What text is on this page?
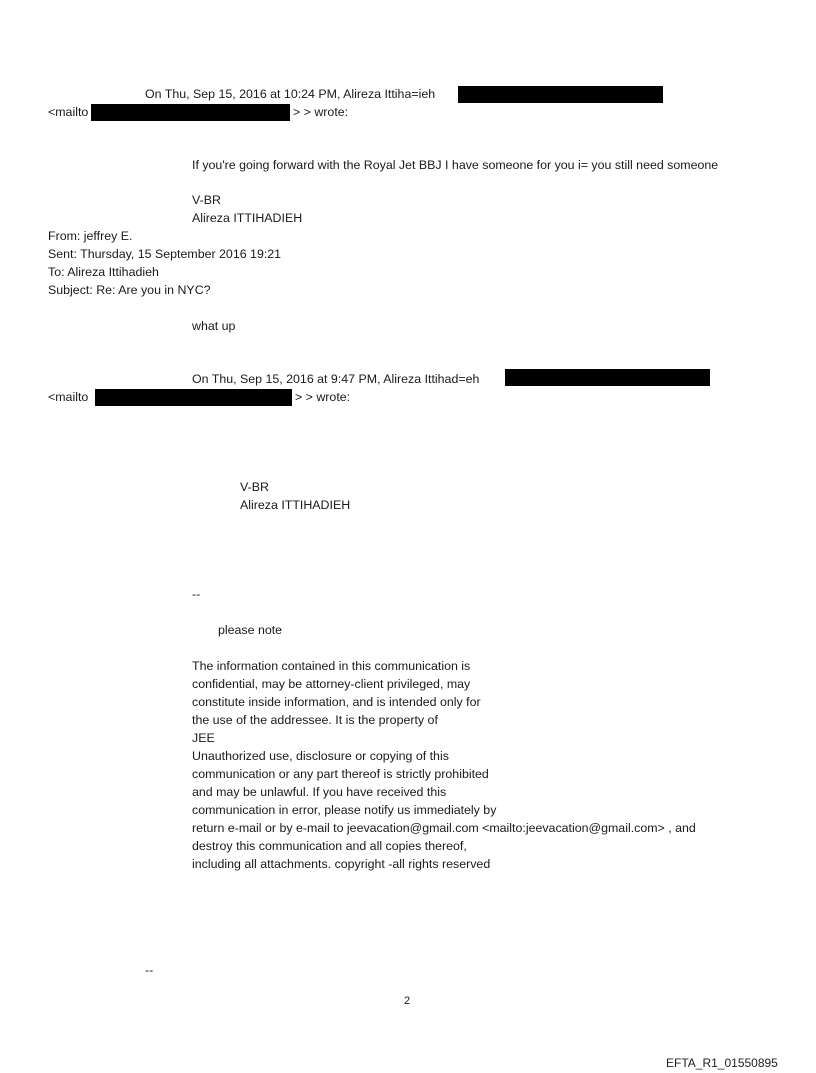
On Thu, Sep 15, 2016 at 10:24 PM, Alireza Ittiha=ieh
<mailto	> > wrote:
If you're going forward with the Royal Jet BBJ I have someone for you i= you still need someone
V-BR
Alireza ITTIHADIEH
From: jeffrey E.
Sent: Thursday, 15 September 2016 19:21
To: Alireza Ittihadieh
Subject: Re: Are you in NYC?
what up
On Thu, Sep 15, 2016 at 9:47 PM, Alireza Ittihad=eh
<mailto	> > wrote:
V-BR
Alireza ITTIHADIEH
--
please note
The information contained in this communication is
confidential, may be attorney-client privileged, may
constitute inside information, and is intended only for
the use of the addressee. It is the property of
JEE
Unauthorized use, disclosure or copying of this
communication or any part thereof is strictly prohibited
and may be unlawful. If you have received this
communication in error, please notify us immediately by
return e-mail or by e-mail to jeevacation@gmail.com <mailto:jeevacation@gmail.com> , and
destroy this communication and all copies thereof,
including all attachments. copyright -all rights reserved
--
2
EFTA_R1_01550895
